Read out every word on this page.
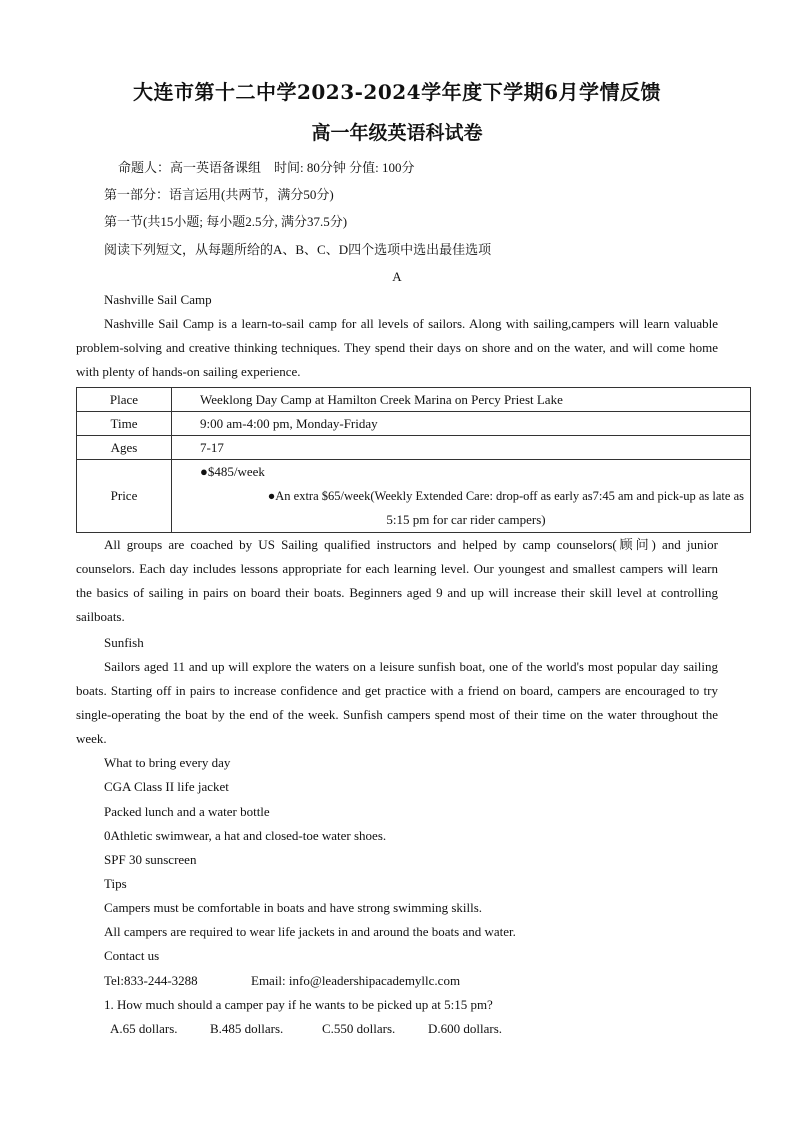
大连市第十二中学2023-2024学年度下学期6月学情反馈
高一年级英语科试卷
命题人：高一英语备课组    时间: 80分钟 分值: 100分
第一部分：语言运用(共两节，满分50分)
第一节(共15小题; 每小题2.5分, 满分37.5分)
阅读下列短文，从每题所给的A、B、C、D四个选项中选出最佳选项
A
Nashville Sail Camp
Nashville Sail Camp is a learn-to-sail camp for all levels of sailors. Along with sailing,campers will learn valuable problem-solving and creative thinking techniques. They spend their days on shore and on the water, and will come home with plenty of hands-on sailing experience.
Place	Weeklong Day Camp at Hamilton Creek Marina on Percy Priest Lake
Time	9:00 am-4:00 pm, Monday-Friday
Ages	7-17
Price	●$485/week
●An extra $65/week(Weekly Extended Care: drop-off as early as7:45 am and pick-up as late as
5:15 pm for car rider campers)
All groups are coached by US Sailing qualified instructors and helped by camp counselors(顾问) and junior counselors. Each day includes lessons appropriate for each learning level. Our youngest and smallest campers will learn the basics of sailing in pairs on board their boats. Beginners aged 9 and up will increase their skill level at controlling sailboats.
Sunfish
Sailors aged 11 and up will explore the waters on a leisure sunfish boat, one of the world's most popular day sailing boats. Starting off in pairs to increase confidence and get practice with a friend on board, campers are encouraged to try single-operating the boat by the end of the week. Sunfish campers spend most of their time on the water throughout the week.
What to bring every day
CGA Class II life jacket
Packed lunch and a water bottle
0Athletic swimwear, a hat and closed-toe water shoes.
SPF 30 sunscreen
Tips
Campers must be comfortable in boats and have strong swimming skills.
All campers are required to wear life jackets in and around the boats and water.
Contact us
Tel:833-244-3288	Email: info@leadershipacademyllc.com
1. How much should a camper pay if he wants to be picked up at 5:15 pm?
A.65 dollars. B.485 dollars.	C.550 dollars.	D.600 dollars.
